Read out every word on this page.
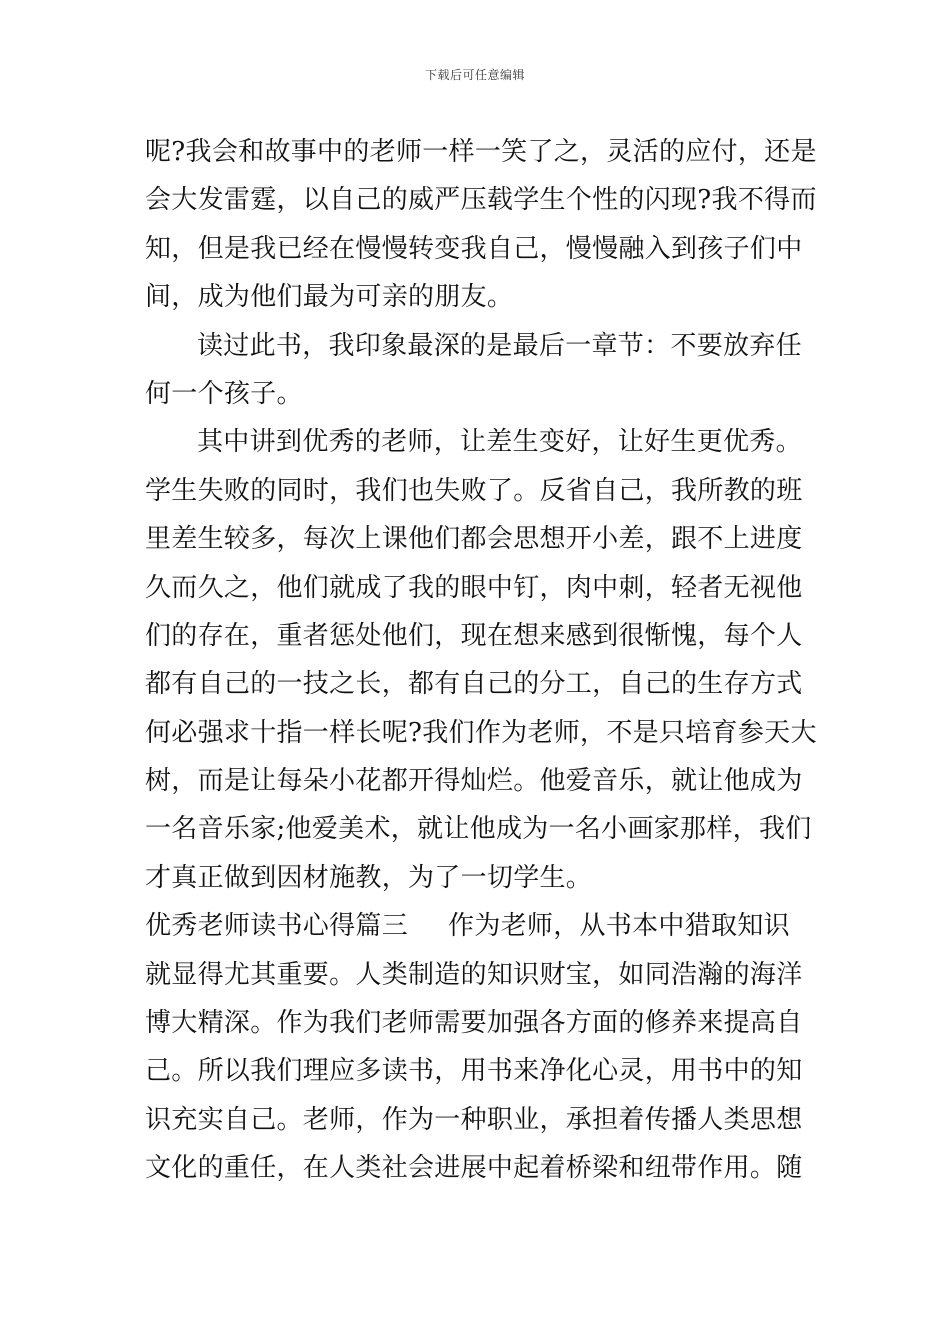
下载后可任意编辑
呢?我会和故事中的老师一样一笑了之，灵活的应付，还是
会大发雷霆，以自己的威严压载学生个性的闪现?我不得而
知，但是我已经在慢慢转变我自己，慢慢融入到孩子们中
间，成为他们最为可亲的朋友。
读过此书，我印象最深的是最后一章节：不要放弃任
何一个孩子。
其中讲到优秀的老师，让差生变好，让好生更优秀。
学生失败的同时，我们也失败了。反省自己，我所教的班
里差生较多，每次上课他们都会思想开小差，跟不上进度
久而久之，他们就成了我的眼中钉，肉中刺，轻者无视他
们的存在，重者惩处他们，现在想来感到很惭愧，每个人
都有自己的一技之长，都有自己的分工，自己的生存方式
何必强求十指一样长呢?我们作为老师，不是只培育参天大
树，而是让每朵小花都开得灿烂。他爱音乐，就让他成为
一名音乐家;他爱美术，就让他成为一名小画家那样，我们
才真正做到因材施教，为了一切学生。
优秀老师读书心得篇三 作为老师，从书本中猎取知识
就显得尤其重要。人类制造的知识财宝，如同浩瀚的海洋
博大精深。作为我们老师需要加强各方面的修养来提高自
己。所以我们理应多读书，用书来净化心灵，用书中的知
识充实自己。老师，作为一种职业，承担着传播人类思想
文化的重任，在人类社会进展中起着桥梁和纽带作用。随
